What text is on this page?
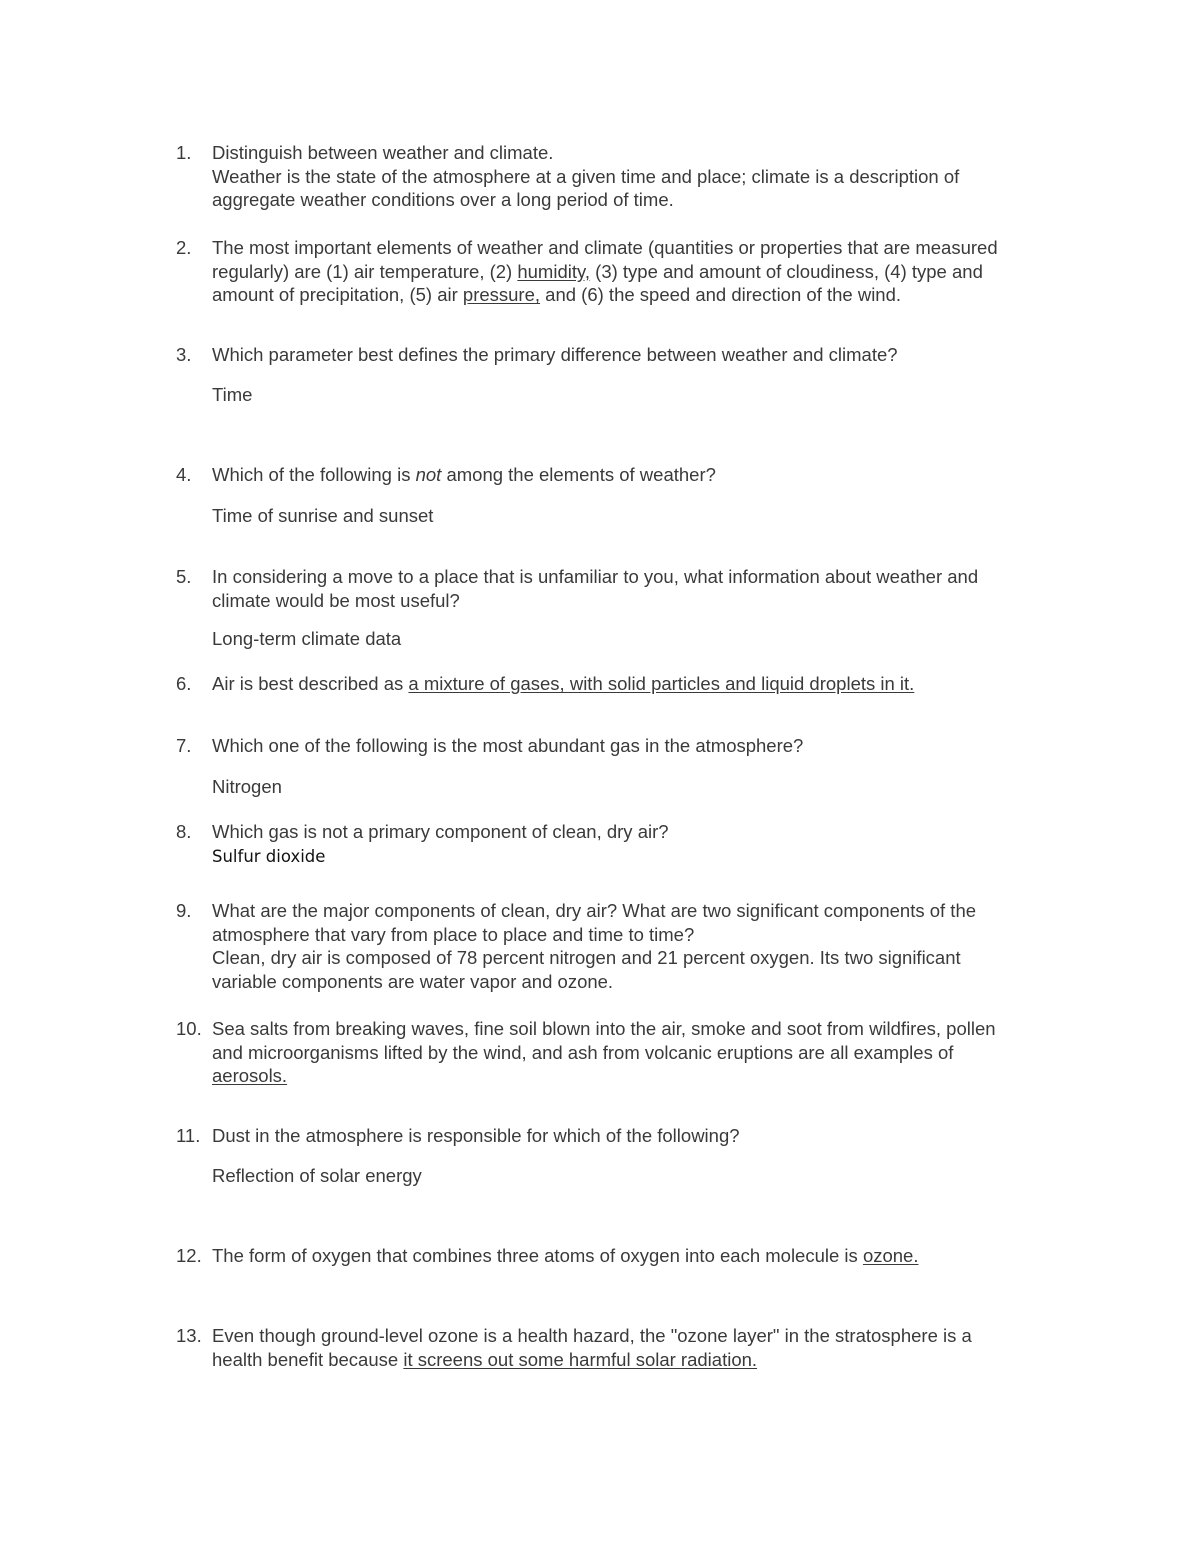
1.	Distinguish between weather and climate.
Weather is the state of the atmosphere at a given time and place; climate is a description of
aggregate weather conditions over a long period of time.
2.	The most important elements of weather and climate (quantities or properties that are measured
regularly) are (1) air temperature, (2) humidity, (3) type and amount of cloudiness, (4) type and
amount of precipitation, (5) air pressure, and (6) the speed and direction of the wind.
3.	Which parameter best defines the primary difference between weather and climate?
Time
4.	Which of the following is not among the elements of weather?
Time of sunrise and sunset
5.	In considering a move to a place that is unfamiliar to you, what information about weather and
climate would be most useful?
Long-term climate data
6.	Air is best described as a mixture of gases, with solid particles and liquid droplets in it.
7.	Which one of the following is the most abundant gas in the atmosphere?
Nitrogen
8.	Which gas is not a primary component of clean, dry air?
Sulfur dioxide
9.	What are the major components of clean, dry air? What are two significant components of the
atmosphere that vary from place to place and time to time?
Clean, dry air is composed of 78 percent nitrogen and 21 percent oxygen. Its two significant
variable components are water vapor and ozone.
10. Sea salts from breaking waves, fine soil blown into the air, smoke and soot from wildfires, pollen
and microorganisms lifted by the wind, and ash from volcanic eruptions are all examples of
aerosols.
11. Dust in the atmosphere is responsible for which of the following?
Reflection of solar energy
12. The form of oxygen that combines three atoms of oxygen into each molecule is ozone.
13. Even though ground-level ozone is a health hazard, the "ozone layer" in the stratosphere is a
health benefit because it screens out some harmful solar radiation.
